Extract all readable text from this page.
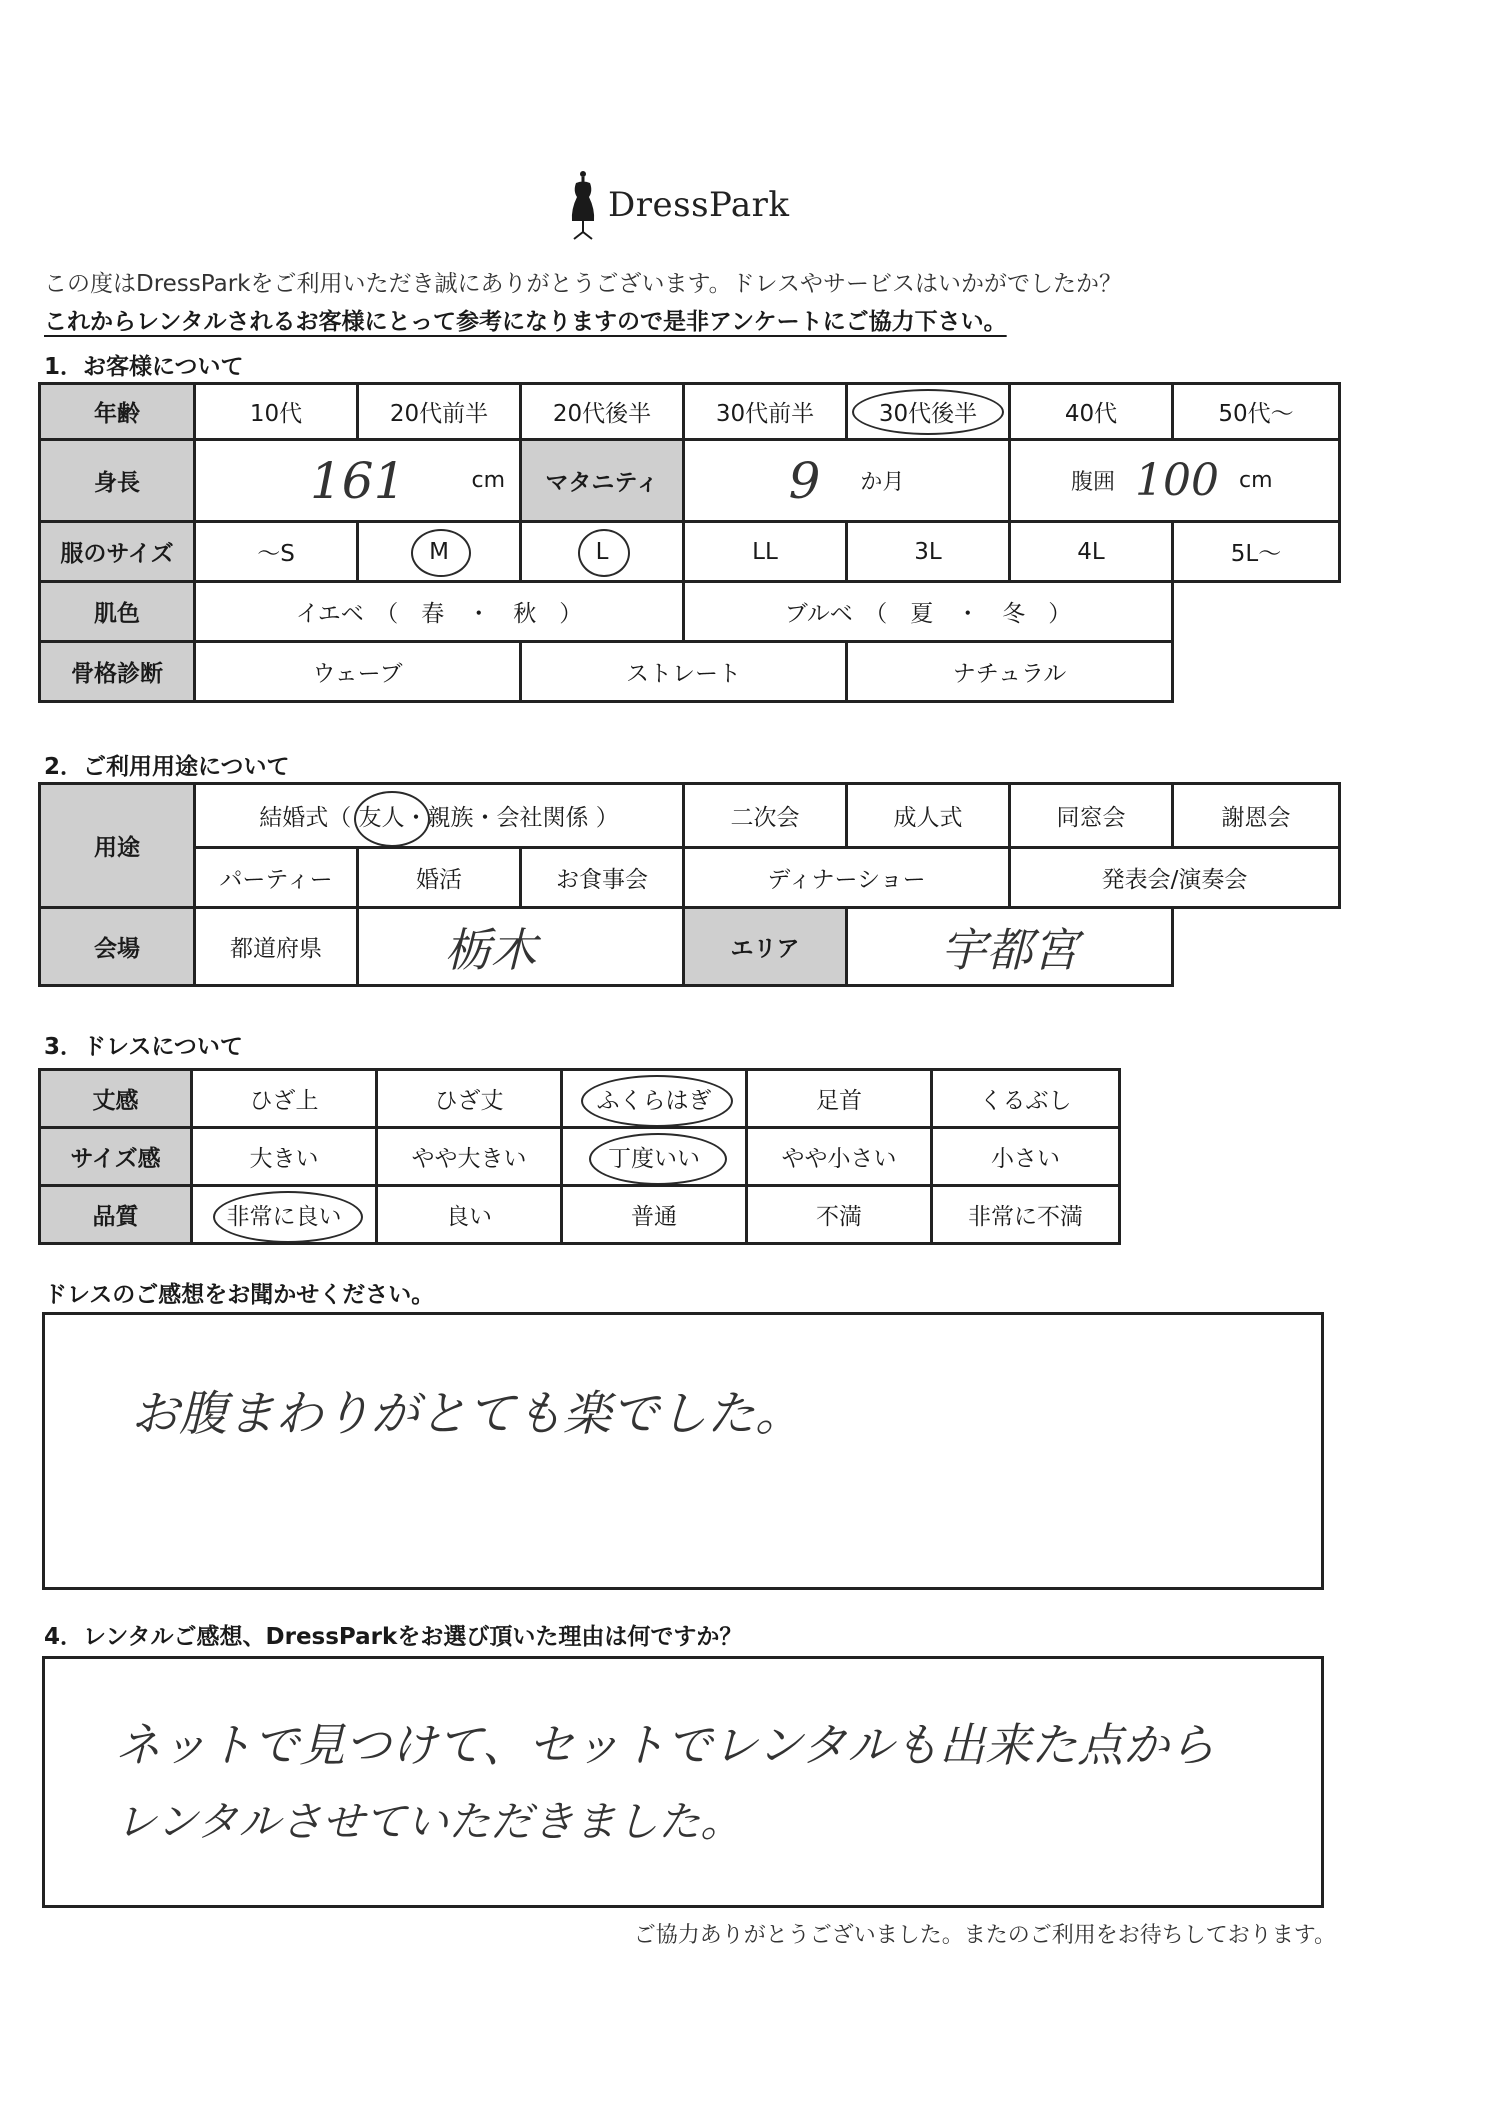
DressPark
この度はDressParkをご利用いただき誠にありがとうございます。ドレスやサービスはいかがでしたか？
これからレンタルされるお客様にとって参考になりますので是非アンケートにご協力下さい。
1．お客様について
年齢	10代	20代前半	20代後半	30代前半	30代後半	40代	50代～
身長	161 cm		マタニティ	9 か月		腹囲 100 cm	

服のサイズ	～S	M	L	LL	3L	4L	5L～
肌色	イエベ　（　春　・　秋　）			ブルベ　（　夏　・　冬　）			
骨格診断	ウェーブ		ストレート		ナチュラル		
2．ご利用用途について
用途	結婚式（ 友人・親族・会社関係 ）			二次会	成人式	同窓会	謝恩会
	パーティー	婚活	お食事会	ディナーショー		発表会/演奏会	
会場	都道府県	栃木		エリア	宇都宮		
3．ドレスについて
丈感	ひざ上	ひざ丈	ふくらはぎ	足首	くるぶし
サイズ感	大きい	やや大きい	丁度いい	やや小さい	小さい
品質	非常に良い	良い	普通	不満	非常に不満
ドレスのご感想をお聞かせください。
お腹まわりがとても楽でした。
4．レンタルご感想、DressParkをお選び頂いた理由は何ですか？
ネットで見つけて、セットでレンタルも出来た点から
レンタルさせていただきました。
ご協力ありがとうございました。またのご利用をお待ちしております。
